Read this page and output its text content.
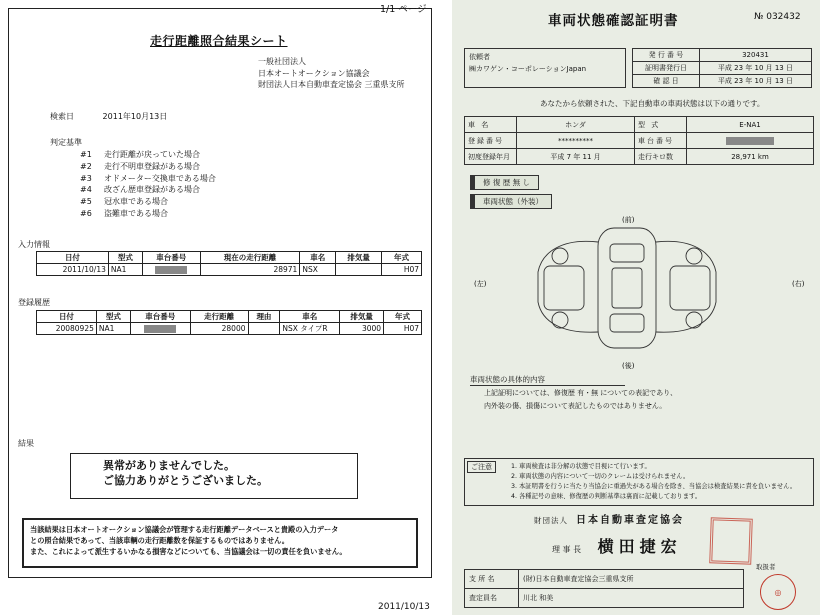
1/1 ページ
走行距離照合結果シート
一般社団法人
日本オートオークション協議会
財団法人日本自動車査定協会 三重県支所
検索日	2011年10月13日
判定基準
#1 走行距離が戻っていた場合
#2 走行不明車登録がある場合
#3 オドメーター交換車である場合
#4 改ざん歴車登録がある場合
#5 冠水車である場合
#6 盗難車である場合
入力情報
日付	型式	車台番号	現在の走行距離	車名	排気量	年式
2011/10/13	NA1		28971	NSX		H07
登録履歴
日付	型式	車台番号	走行距離	理由	車名	排気量	年式
20080925	NA1		28000		NSX タイプR	3000	H07
結果
異常がありませんでした。
ご協力ありがとうございました。
当該結果は日本オートオークション協議会が管理する走行距離データベースと貴殿の入力データ
との照合結果であって、当該車輌の走行距離数を保証するものではありません。
また、これによって派生するいかなる損害などについても、当協議会は一切の責任を負いません。
2011/10/13
車両状態確認証明書	№ 032432
依頼者
㈱カワゲン・コーポレーションJapan
発 行 番 号	320431
証明書発行日	平成 23 年 10 月 13 日
確 認 日	平成 23 年 10 月 13 日
あなたから依頼された、下記自動車の車両状態は以下の通りです。
車 名	ホンダ	型 式	E-NA1
登録番号	**********	車台番号	
初度登録年月	平成 7 年 11 月	走行キロ数	28,971 km
修 復 歴 無 し
車両状態（外装）
(前)
(後)
(左)	(右)
車両状態の具体的内容
上記証明については、修復歴 有・無 についての表記であり、
内外装の傷、損傷について表記したものではありません。
ご注意	1. 車両検査は非分解の状態で目視にて行います。
2. 車両状態の内容について一切のクレームは受けられません。
3. 本証明書を行うに当たり当協会に重過失がある場合を除き、当協会は検査結果に責を負いません。
4. 各種記号の意味、修復歴の判断基準は裏面に記載しております。
財団法人 日本自動車査定協会
理 事 長 横田捷宏
支 所 名	(財)日本自動車査定協会三重県支所
査定員名	川北 和美
取扱者
◎
